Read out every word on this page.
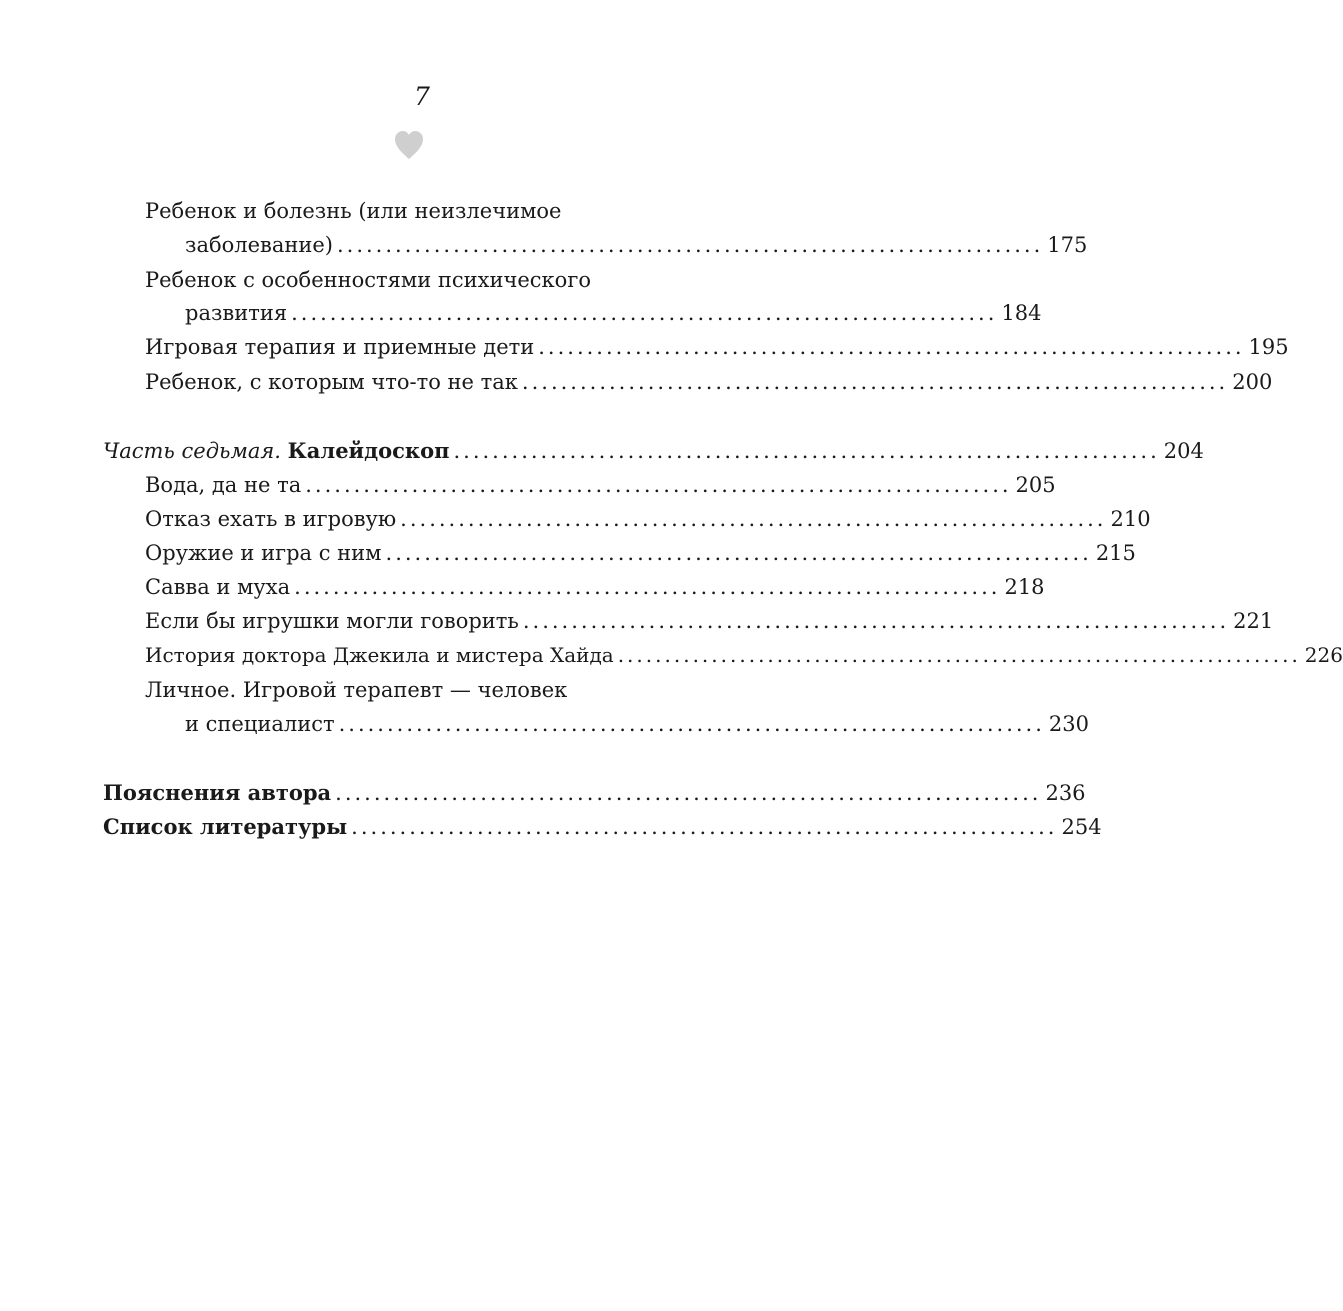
7
Ребенок и болезнь (или неизлечимое
заболевание) ......................................................................... 175
Ребенок с особенностями психического
развития ......................................................................... 184
Игровая терапия и приемные дети ......................................................................... 195
Ребенок, с которым что-то не так ......................................................................... 200
Часть седьмая. Калейдоскоп ......................................................................... 204
Вода, да не та ......................................................................... 205
Отказ ехать в игровую ......................................................................... 210
Оружие и игра с ним ......................................................................... 215
Савва и муха ......................................................................... 218
Если бы игрушки могли говорить ......................................................................... 221
История доктора Джекила и мистера Хайда ......................................................................... 226
Личное. Игровой терапевт — человек
и специалист ......................................................................... 230
Пояснения автора ......................................................................... 236
Список литературы ......................................................................... 254
